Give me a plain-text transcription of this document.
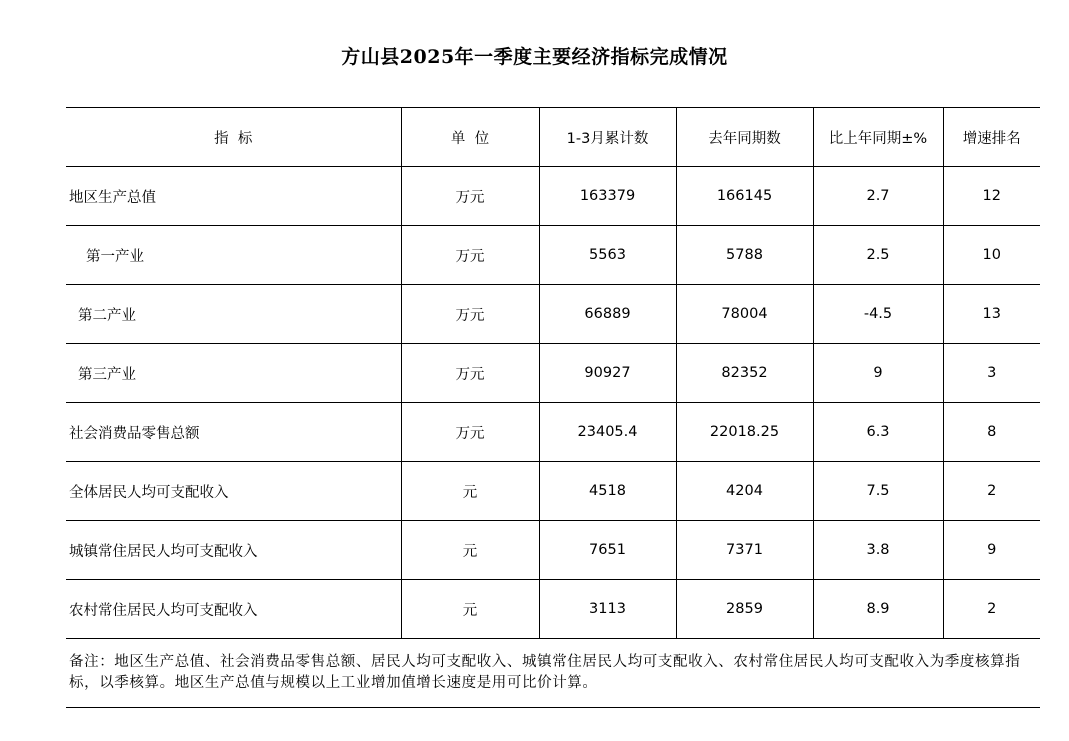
方山县2025年一季度主要经济指标完成情况
指  标	单  位	1-3月累计数	去年同期数	比上年同期±%	增速排名
地区生产总值	万元	163379	166145	2.7	12
第一产业	万元	5563	5788	2.5	10
第二产业	万元	66889	78004	-4.5	13
第三产业	万元	90927	82352	9	3
社会消费品零售总额	万元	23405.4	22018.25	6.3	8
全体居民人均可支配收入	元	4518	4204	7.5	2
城镇常住居民人均可支配收入	元	7651	7371	3.8	9
农村常住居民人均可支配收入	元	3113	2859	8.9	2
备注：地区生产总值、社会消费品零售总额、居民人均可支配收入、城镇常住居民人均可支配收入、农村常住居民人均可支配收入为季度核算指标，以季核算。地区生产总值与规模以上工业增加值增长速度是用可比价计算。					
